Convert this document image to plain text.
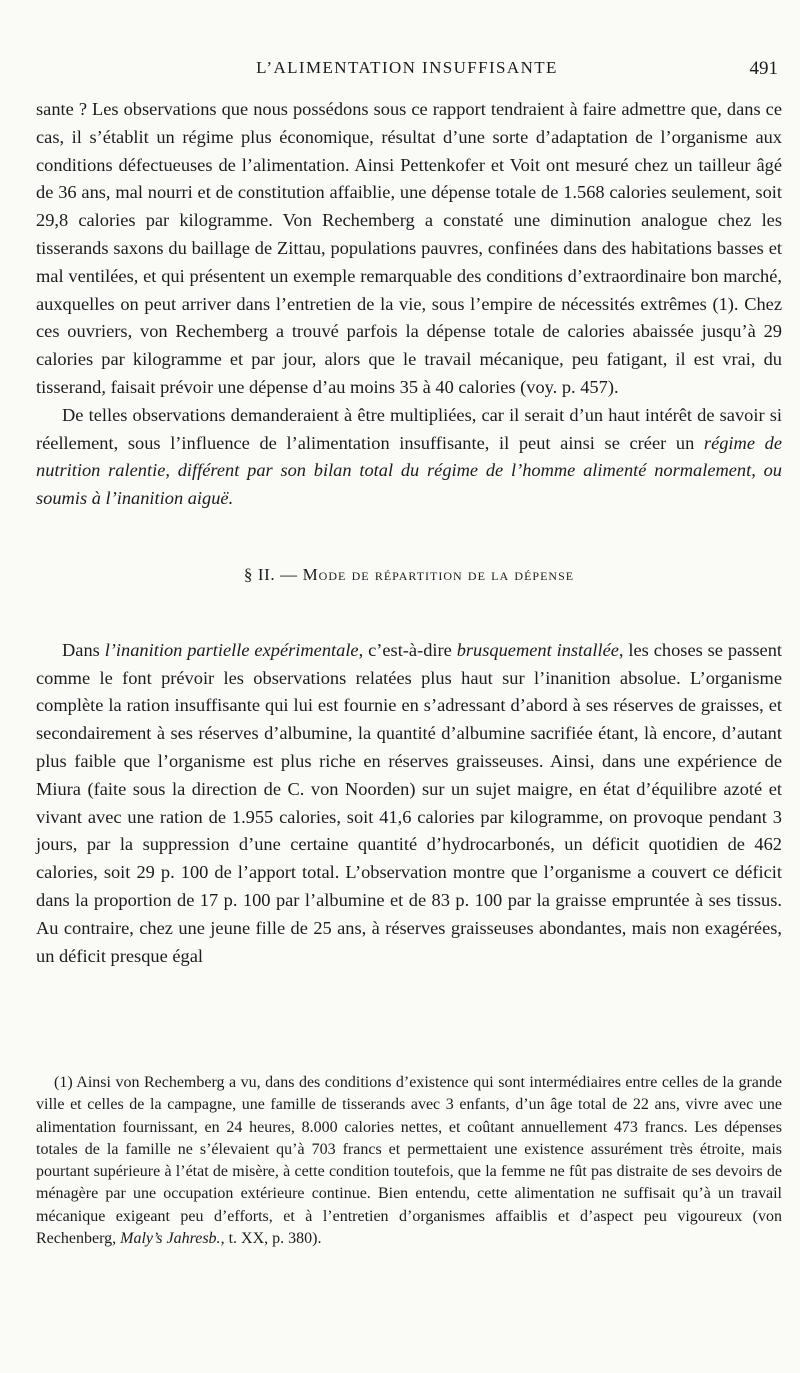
L’ALIMENTATION INSUFFISANTE	491

sante ? Les observations que nous possédons sous ce rapport tendraient à faire admettre que, dans ce cas, il s’établit un régime plus économique, résultat d’une sorte d’adaptation de l’organisme aux conditions défectueuses de l’alimentation. Ainsi Pettenkofer et Voit ont mesuré chez un tailleur âgé de 36 ans, mal nourri et de constitution affaiblie, une dépense totale de 1.568 calories seulement, soit 29,8 calories par kilogramme. Von Rechemberg a constaté une diminution analogue chez les tisserands saxons du baillage de Zittau, populations pauvres, confinées dans des habitations basses et mal ventilées, et qui présentent un exemple remarquable des conditions d’extraordinaire bon marché, auxquelles on peut arriver dans l’entretien de la vie, sous l’empire de nécessités extrêmes (1). Chez ces ouvriers, von Rechemberg a trouvé parfois la dépense totale de calories abaissée jusqu’à 29 calories par kilogramme et par jour, alors que le travail mécanique, peu fatigant, il est vrai, du tisserand, faisait prévoir une dépense d’au moins 35 à 40 calories (voy. p. 457).

De telles observations demanderaient à être multipliées, car il serait d’un haut intérêt de savoir si réellement, sous l’influence de l’alimentation insuffisante, il peut ainsi se créer un régime de nutrition ralentie, différent par son bilan total du régime de l’homme alimenté normalement, ou soumis à l’inanition aiguë.

§ II. — Mode de répartition de la dépense

Dans l’inanition partielle expérimentale, c’est-à-dire brusquement installée, les choses se passent comme le font prévoir les observations relatées plus haut sur l’inanition absolue. L’organisme complète la ration insuffisante qui lui est fournie en s’adressant d’abord à ses réserves de graisses, et secondairement à ses réserves d’albumine, la quantité d’albumine sacrifiée étant, là encore, d’autant plus faible que l’organisme est plus riche en réserves graisseuses. Ainsi, dans une expérience de Miura (faite sous la direction de C. von Noorden) sur un sujet maigre, en état d’équilibre azoté et vivant avec une ration de 1.955 calories, soit 41,6 calories par kilogramme, on provoque pendant 3 jours, par la suppression d’une certaine quantité d’hydrocarbonés, un déficit quotidien de 462 calories, soit 29 p. 100 de l’apport total. L’observation montre que l’organisme a couvert ce déficit dans la proportion de 17 p. 100 par l’albumine et de 83 p. 100 par la graisse empruntée à ses tissus. Au contraire, chez une jeune fille de 25 ans, à réserves graisseuses abondantes, mais non exagérées, un déficit presque égal

(1) Ainsi von Rechemberg a vu, dans des conditions d’existence qui sont intermédiaires entre celles de la grande ville et celles de la campagne, une famille de tisserands avec 3 enfants, d’un âge total de 22 ans, vivre avec une alimentation fournissant, en 24 heures, 8.000 calories nettes, et coûtant annuellement 473 francs. Les dépenses totales de la famille ne s’élevaient qu’à 703 francs et permettaient une existence assurément très étroite, mais pourtant supérieure à l’état de misère, à cette condition toutefois, que la femme ne fût pas distraite de ses devoirs de ménagère par une occupation extérieure continue. Bien entendu, cette alimentation ne suffisait qu’à un travail mécanique exigeant peu d’efforts, et à l’entretien d’organismes affaiblis et d’aspect peu vigoureux (von Rechenberg, Maly’s Jahresb., t. XX, p. 380).
